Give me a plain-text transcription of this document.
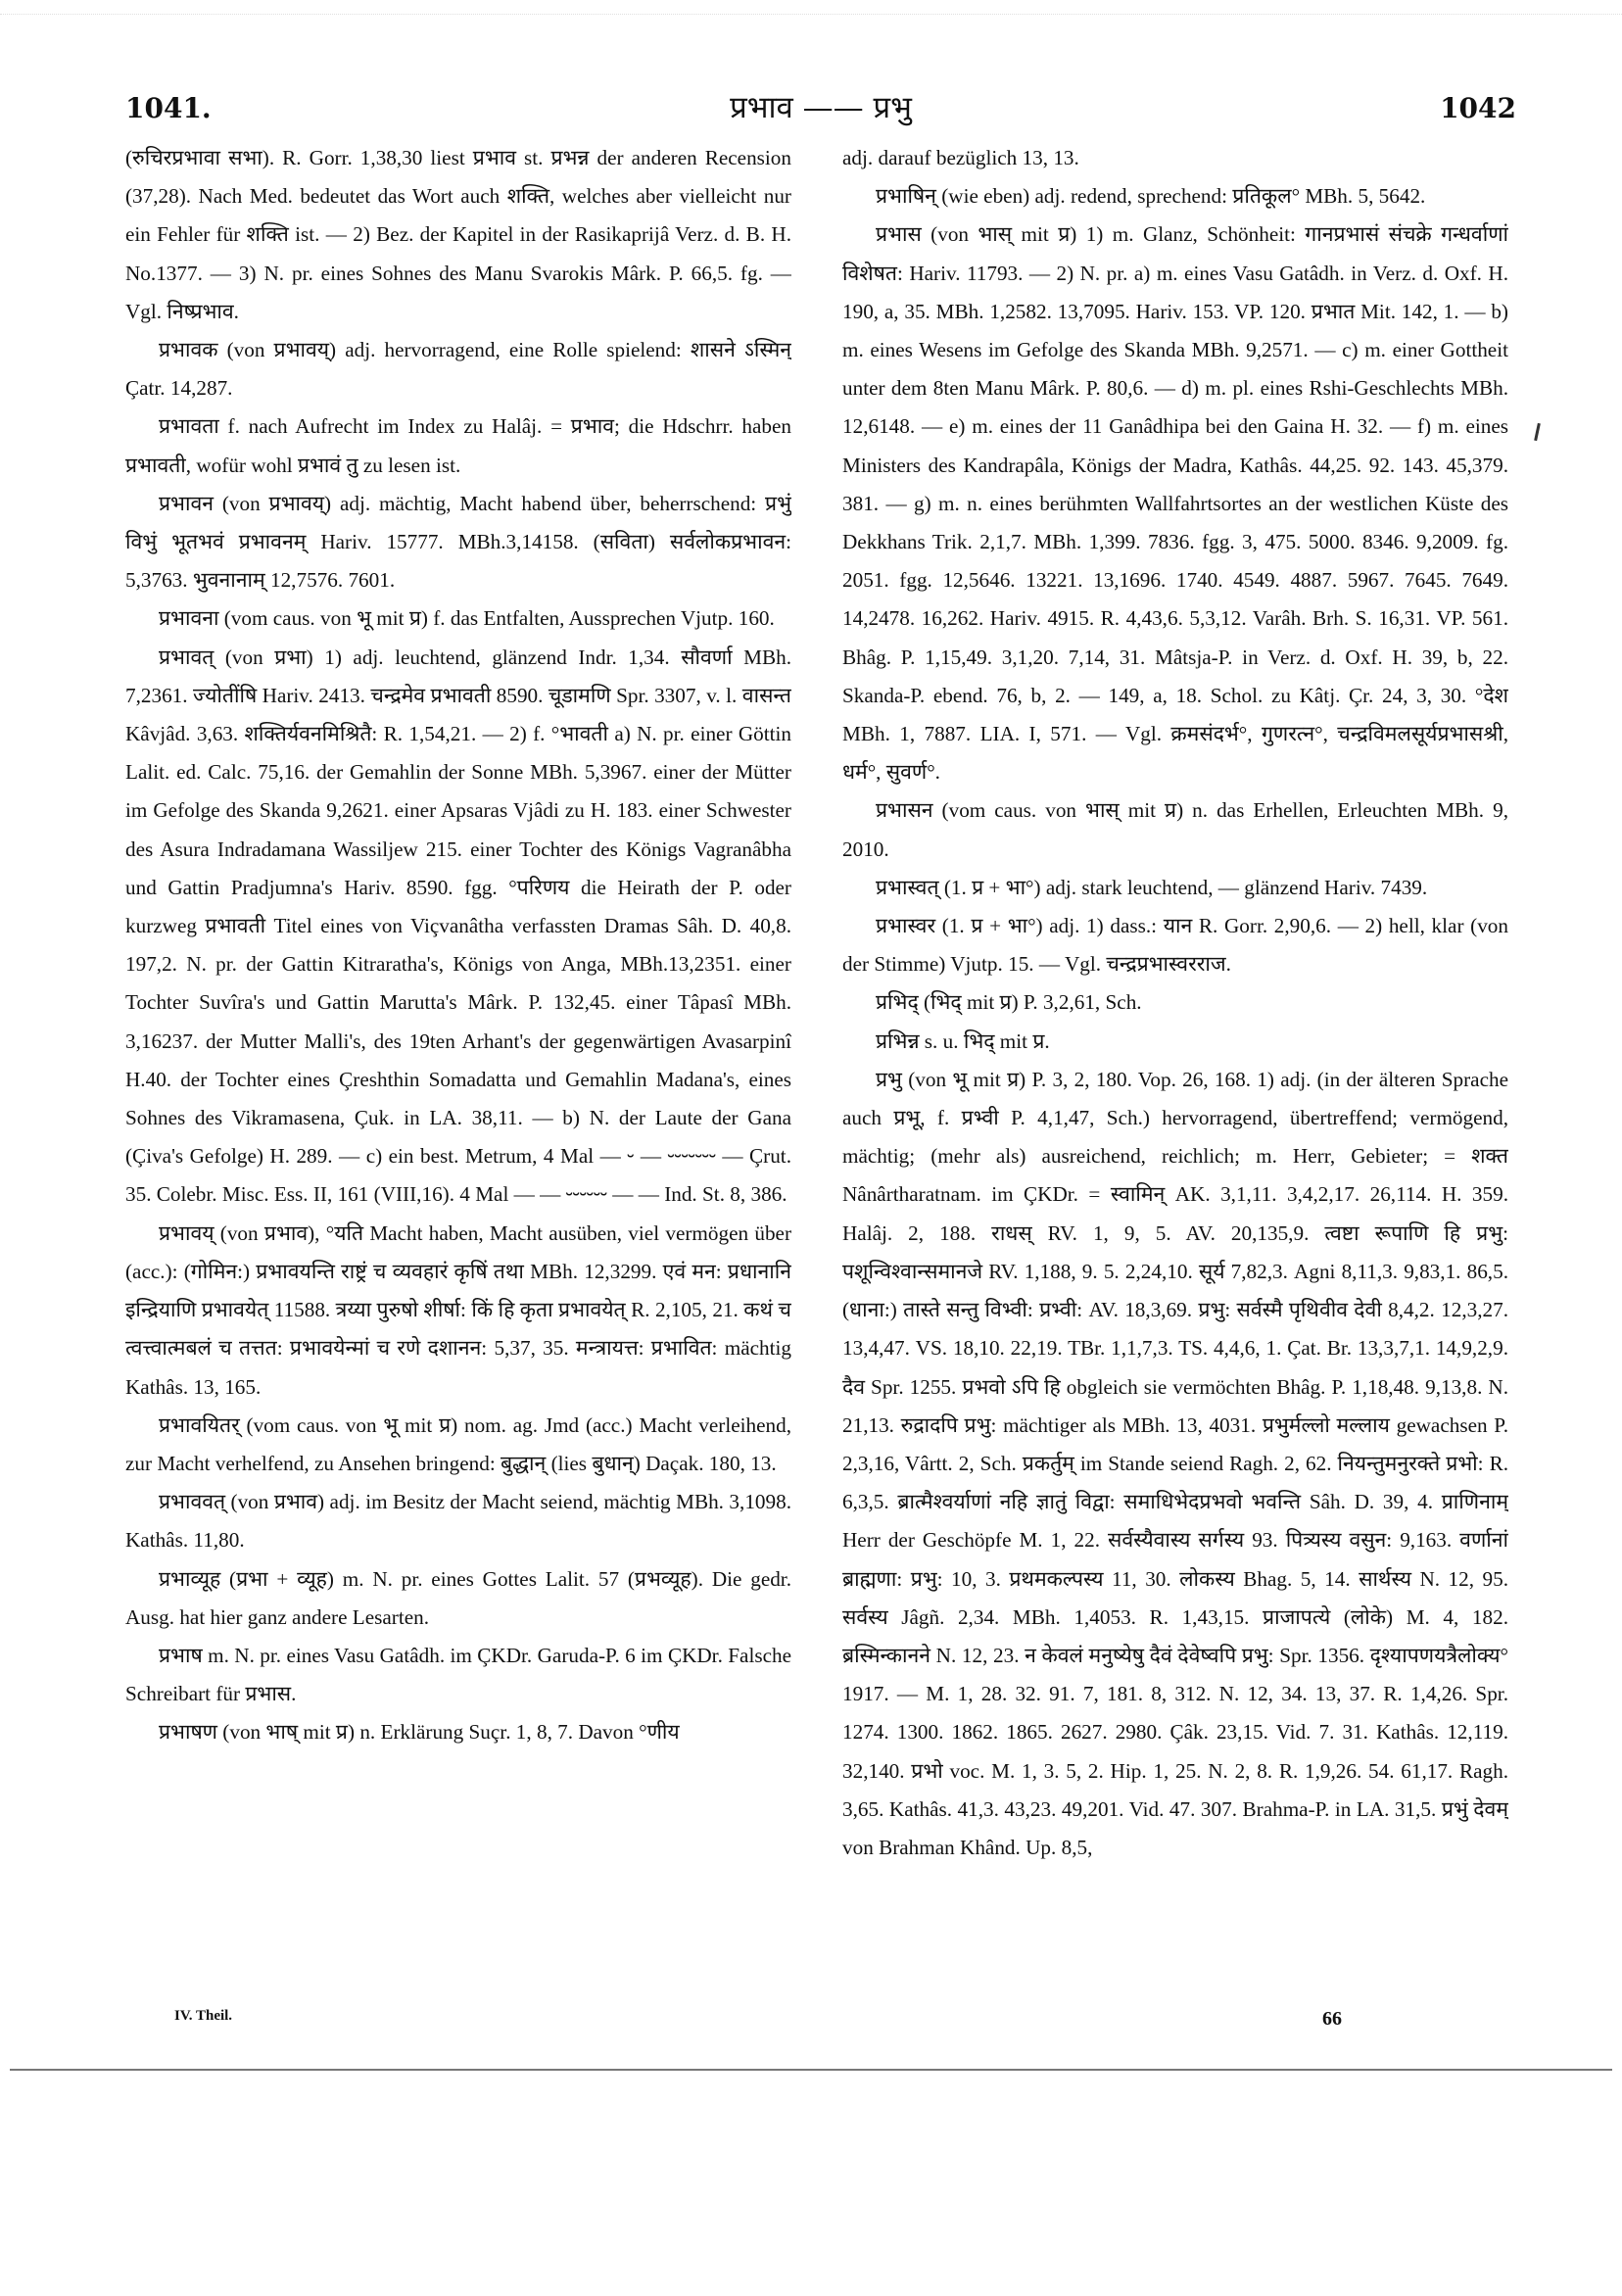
1041.	प्रभाव —— प्रभु	1042

(रुचिरप्रभावा सभा). R. Gorr. 1,38,30 liest प्रभाव st. प्रभन्न der anderen Recension (37,28). Nach Med. bedeutet das Wort auch शक्ति, welches aber vielleicht nur ein Fehler für शक्ति ist. — 2) Bez. der Kapitel in der Rasikaprijâ Verz. d. B. H. No.1377. — 3) N. pr. eines Sohnes des Manu Svarokis Mârk. P. 66,5. fg. — Vgl. निष्प्रभाव.

प्रभावक (von प्रभावय्) adj. hervorragend, eine Rolle spielend: शासने ऽस्मिन् Çatr. 14,287.

प्रभावता f. nach Aufrecht im Index zu Halâj. = प्रभाव; die Hdschrr. haben प्रभावती, wofür wohl प्रभावं तु zu lesen ist.

प्रभावन (von प्रभावय्) adj. mächtig, Macht habend über, beherrschend: प्रभुं विभुं भूतभवं प्रभावनम् Hariv. 15777. MBh.3,14158. (सविता) सर्वलोकप्रभावन: 5,3763. भुवनानाम् 12,7576. 7601.

प्रभावना (vom caus. von भू mit प्र) f. das Entfalten, Aussprechen Vjutp. 160.

प्रभावत् (von प्रभा) 1) adj. leuchtend, glänzend Indr. 1,34. सौवर्णा MBh. 7,2361. ज्योतींषि Hariv. 2413. चन्द्रमेव प्रभावती 8590. चूडामणि Spr. 3307, v. l. वासन्त Kâvjâd. 3,63. शक्तिर्यवनमिश्रितै: R. 1,54,21. — 2) f. °भावती a) N. pr. einer Göttin Lalit. ed. Calc. 75,16. der Gemahlin der Sonne MBh. 5,3967. einer der Mütter im Gefolge des Skanda 9,2621. einer Apsaras Vjâdi zu H. 183. einer Schwester des Asura Indradamana Wassiljew 215. einer Tochter des Königs Vagranâbha und Gattin Pradjumna's Hariv. 8590. fgg. °परिणय die Heirath der P. oder kurzweg प्रभावती Titel eines von Viçvanâtha verfassten Dramas Sâh. D. 40,8. 197,2. N. pr. der Gattin Kitraratha's, Königs von Anga, MBh.13,2351. einer Tochter Suvîra's und Gattin Marutta's Mârk. P. 132,45. einer Tâpasî MBh. 3,16237. der Mutter Malli's, des 19ten Arhant's der gegenwärtigen Avasarpinî H.40. der Tochter eines Çreshthin Somadatta und Gemahlin Madana's, eines Sohnes des Vikramasena, Çuk. in LA. 38,11. — b) N. der Laute der Gana (Çiva's Gefolge) H. 289. — c) ein best. Metrum, 4 Mal — ⏑ — ⏑⏑⏑⏑⏑⏑⏑ — Çrut. 35. Colebr. Misc. Ess. II, 161 (VIII,16). 4 Mal — — ⏑⏑⏑⏑⏑⏑ — — Ind. St. 8, 386.

प्रभावय् (von प्रभाव), °यति Macht haben, Macht ausüben, viel vermögen über (acc.): (गोमिन:) प्रभावयन्ति राष्ट्रं च व्यवहारं कृषिं तथा MBh. 12,3299. एवं मन: प्रधानानि इन्द्रियाणि प्रभावयेत् 11588. त्रय्या पुरुषो शीर्षा: किं हि कृता प्रभावयेत् R. 2,105, 21. कथं च त्वत्त्वात्मबलं च तत्तत: प्रभावयेन्मां च रणे दशानन: 5,37, 35. मन्त्रायत्त: प्रभावित: mächtig Kathâs. 13, 165.

प्रभावयितर् (vom caus. von भू mit प्र) nom. ag. Jmd (acc.) Macht verleihend, zur Macht verhelfend, zu Ansehen bringend: बुद्धान् (lies बुधान्) Daçak. 180, 13.

प्रभाववत् (von प्रभाव) adj. im Besitz der Macht seiend, mächtig MBh. 3,1098. Kathâs. 11,80.

प्रभाव्यूह (प्रभा + व्यूह) m. N. pr. eines Gottes Lalit. 57 (प्रभव्यूह). Die gedr. Ausg. hat hier ganz andere Lesarten.

प्रभाष m. N. pr. eines Vasu Gatâdh. im ÇKDr. Garuda-P. 6 im ÇKDr. Falsche Schreibart für प्रभास.

प्रभाषण (von भाष् mit प्र) n. Erklärung Suçr. 1, 8, 7. Davon °णीय

adj. darauf bezüglich 13, 13.

प्रभाषिन् (wie eben) adj. redend, sprechend: प्रतिकूल° MBh. 5, 5642.

प्रभास (von भास् mit प्र) 1) m. Glanz, Schönheit: गानप्रभासं संचक्रे गन्धर्वाणां विशेषत: Hariv. 11793. — 2) N. pr. a) m. eines Vasu Gatâdh. in Verz. d. Oxf. H. 190, a, 35. MBh. 1,2582. 13,7095. Hariv. 153. VP. 120. प्रभात Mit. 142, 1. — b) m. eines Wesens im Gefolge des Skanda MBh. 9,2571. — c) m. einer Gottheit unter dem 8ten Manu Mârk. P. 80,6. — d) m. pl. eines Rshi-Geschlechts MBh. 12,6148. — e) m. eines der 11 Ganâdhipa bei den Gaina H. 32. — f) m. eines Ministers des Kandrapâla, Königs der Madra, Kathâs. 44,25. 92. 143. 45,379. 381. — g) m. n. eines berühmten Wallfahrtsortes an der westlichen Küste des Dekkhans Trik. 2,1,7. MBh. 1,399. 7836. fgg. 3, 475. 5000. 8346. 9,2009. fg. 2051. fgg. 12,5646. 13221. 13,1696. 1740. 4549. 4887. 5967. 7645. 7649. 14,2478. 16,262. Hariv. 4915. R. 4,43,6. 5,3,12. Varâh. Brh. S. 16,31. VP. 561. Bhâg. P. 1,15,49. 3,1,20. 7,14, 31. Mâtsja-P. in Verz. d. Oxf. H. 39, b, 22. Skanda-P. ebend. 76, b, 2. — 149, a, 18. Schol. zu Kâtj. Çr. 24, 3, 30. °देश MBh. 1, 7887. LIA. I, 571. — Vgl. क्रमसंदर्भ°, गुणरत्न°, चन्द्रविमलसूर्यप्रभासश्री, धर्म°, सुवर्ण°.

प्रभासन (vom caus. von भास् mit प्र) n. das Erhellen, Erleuchten MBh. 9, 2010.

प्रभास्वत् (1. प्र + भा°) adj. stark leuchtend, — glänzend Hariv. 7439.

प्रभास्वर (1. प्र + भा°) adj. 1) dass.: यान R. Gorr. 2,90,6. — 2) hell, klar (von der Stimme) Vjutp. 15. — Vgl. चन्द्रप्रभास्वरराज.

प्रभिद् (भिद् mit प्र) P. 3,2,61, Sch.

प्रभिन्न s. u. भिद् mit प्र.

प्रभु (von भू mit प्र) P. 3, 2, 180. Vop. 26, 168. 1) adj. (in der älteren Sprache auch प्रभू, f. प्रभ्वी P. 4,1,47, Sch.) hervorragend, übertreffend; vermögend, mächtig; (mehr als) ausreichend, reichlich; m. Herr, Gebieter; = शक्त Nânârtharatnam. im ÇKDr. = स्वामिन् AK. 3,1,11. 3,4,2,17. 26,114. H. 359. Halâj. 2, 188. राधस् RV. 1, 9, 5. AV. 20,135,9. त्वष्टा रूपाणि हि प्रभु: पशून्विश्वान्समानजे RV. 1,188, 9. 5. 2,24,10. सूर्य 7,82,3. Agni 8,11,3. 9,83,1. 86,5. (धाना:) तास्ते सन्तु विभ्वी: प्रभ्वी: AV. 18,3,69. प्रभु: सर्वस्मै पृथिवीव देवी 8,4,2. 12,3,27. 13,4,47. VS. 18,10. 22,19. TBr. 1,1,7,3. TS. 4,4,6, 1. Çat. Br. 13,3,7,1. 14,9,2,9. दैव Spr. 1255. प्रभवो ऽपि हि obgleich sie vermöchten Bhâg. P. 1,18,48. 9,13,8. N. 21,13. रुद्रादपि प्रभु: mächtiger als MBh. 13, 4031. प्रभुर्मल्लो मल्लाय gewachsen P. 2,3,16, Vârtt. 2, Sch. प्रकर्तुम् im Stande seiend Ragh. 2, 62. नियन्तुमनुरक्ते प्रभो: R. 6,3,5. ब्रात्मैश्वर्याणां नहि ज्ञातुं विद्वा: समाधिभेदप्रभवो भवन्ति Sâh. D. 39, 4. प्राणिनाम् Herr der Geschöpfe M. 1, 22. सर्वस्यैवास्य सर्गस्य 93. पित्र्यस्य वसुन: 9,163. वर्णानां ब्राह्मणा: प्रभु: 10, 3. प्रथमकल्पस्य 11, 30. लोकस्य Bhag. 5, 14. सार्थस्य N. 12, 95. सर्वस्य Jâgñ. 2,34. MBh. 1,4053. R. 1,43,15. प्राजापत्ये (लोके) M. 4, 182. ब्रस्मिन्कानने N. 12, 23. न केवलं मनुष्येषु दैवं देवेष्वपि प्रभु: Spr. 1356. दृश्यापणयत्रैलोक्य° 1917. — M. 1, 28. 32. 91. 7, 181. 8, 312. N. 12, 34. 13, 37. R. 1,4,26. Spr. 1274. 1300. 1862. 1865. 2627. 2980. Çâk. 23,15. Vid. 7. 31. Kathâs. 12,119. 32,140. प्रभो voc. M. 1, 3. 5, 2. Hip. 1, 25. N. 2, 8. R. 1,9,26. 54. 61,17. Ragh. 3,65. Kathâs. 41,3. 43,23. 49,201. Vid. 47. 307. Brahma-P. in LA. 31,5. प्रभुं देवम् von Brahman Khând. Up. 8,5,

IV. Theil.	66
